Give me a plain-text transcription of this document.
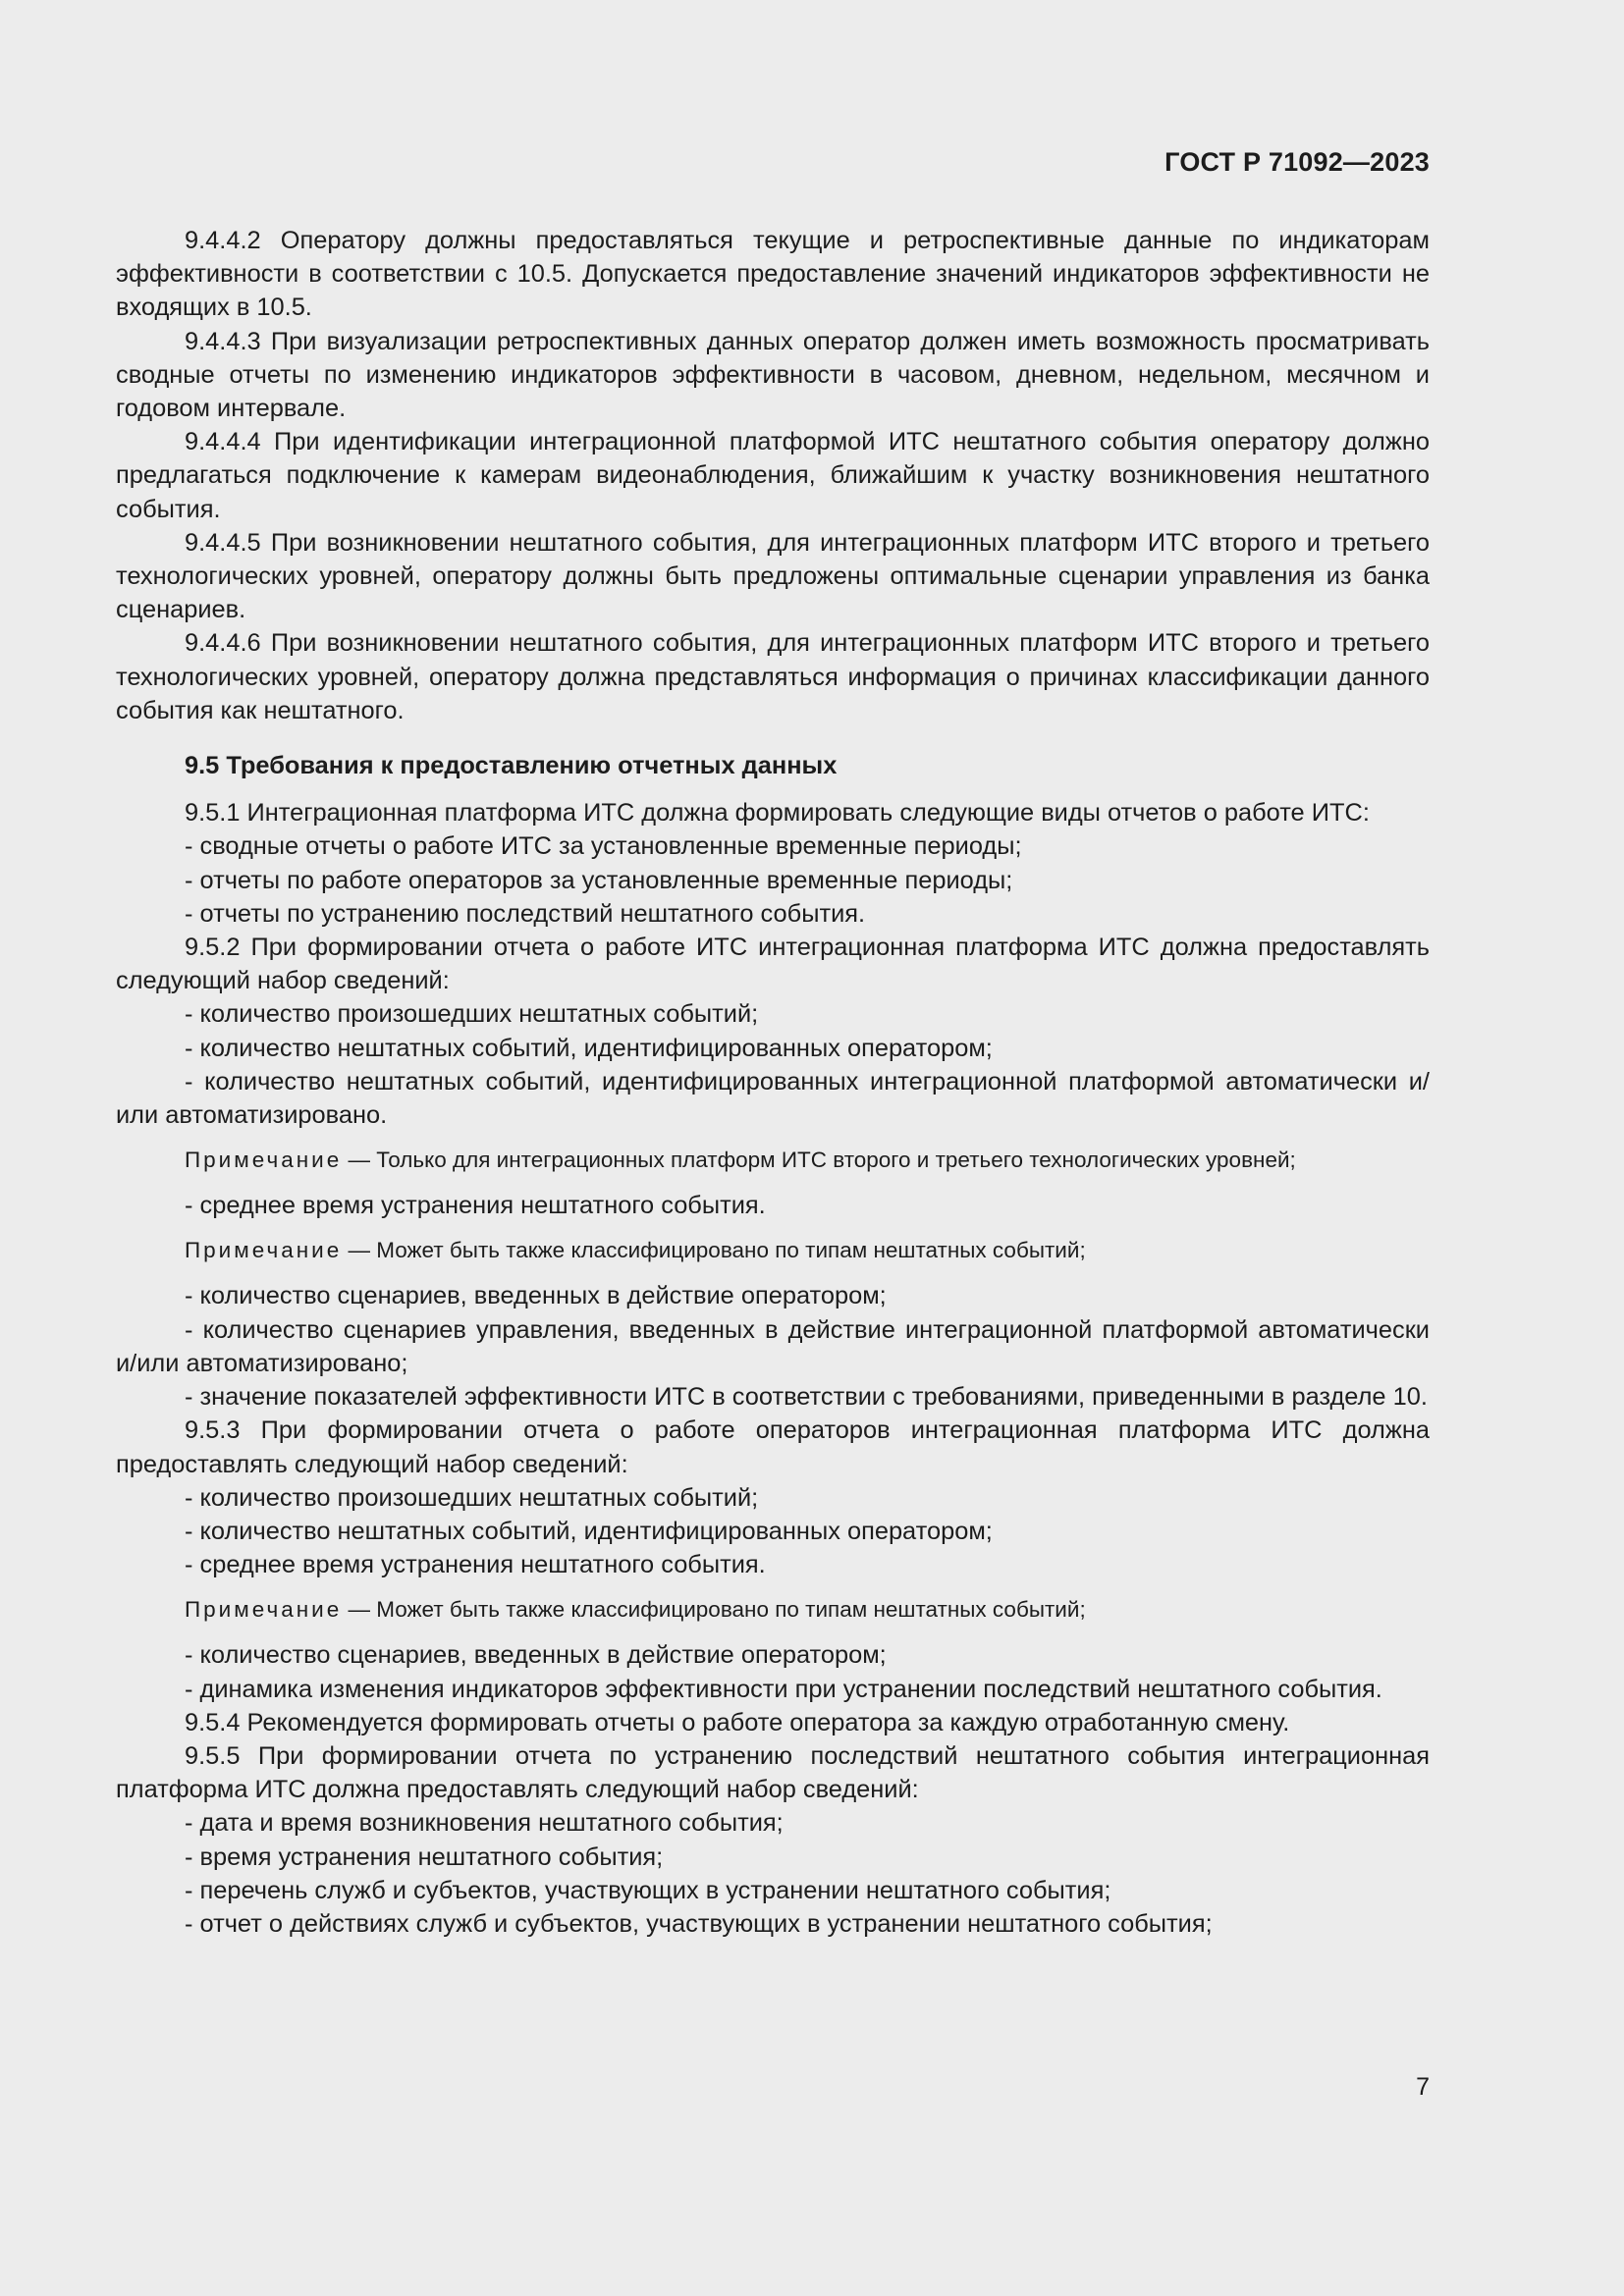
ГОСТ Р 71092—2023

9.4.4.2 Оператору должны предоставляться текущие и ретроспективные данные по индикаторам эффективности в соответствии с 10.5. Допускается предоставление значений индикаторов эффективности не входящих в 10.5.

9.4.4.3 При визуализации ретроспективных данных оператор должен иметь возможность просматривать сводные отчеты по изменению индикаторов эффективности в часовом, дневном, недельном, месячном и годовом интервале.

9.4.4.4 При идентификации интеграционной платформой ИТС нештатного события оператору должно предлагаться подключение к камерам видеонаблюдения, ближайшим к участку возникновения нештатного события.

9.4.4.5 При возникновении нештатного события, для интеграционных платформ ИТС второго и третьего технологических уровней, оператору должны быть предложены оптимальные сценарии управления из банка сценариев.

9.4.4.6 При возникновении нештатного события, для интеграционных платформ ИТС второго и третьего технологических уровней, оператору должна представляться информация о причинах классификации данного события как нештатного.

9.5 Требования к предоставлению отчетных данных

9.5.1 Интеграционная платформа ИТС должна формировать следующие виды отчетов о работе ИТС:

- сводные отчеты о работе ИТС за установленные временные периоды;

- отчеты по работе операторов за установленные временные периоды;

- отчеты по устранению последствий нештатного события.

9.5.2 При формировании отчета о работе ИТС интеграционная платформа ИТС должна предоставлять следующий набор сведений:

- количество произошедших нештатных событий;

- количество нештатных событий, идентифицированных оператором;

- количество нештатных событий, идентифицированных интеграционной платформой автоматически и/или автоматизировано.

Примечание — Только для интеграционных платформ ИТС второго и третьего технологических уровней;

- среднее время устранения нештатного события.

Примечание — Может быть также классифицировано по типам нештатных событий;

- количество сценариев, введенных в действие оператором;

- количество сценариев управления, введенных в действие интеграционной платформой автоматически и/или автоматизировано;

- значение показателей эффективности ИТС в соответствии с требованиями, приведенными в разделе 10.

9.5.3 При формировании отчета о работе операторов интеграционная платформа ИТС должна предоставлять следующий набор сведений:

- количество произошедших нештатных событий;

- количество нештатных событий, идентифицированных оператором;

- среднее время устранения нештатного события.

Примечание — Может быть также классифицировано по типам нештатных событий;

- количество сценариев, введенных в действие оператором;

- динамика изменения индикаторов эффективности при устранении последствий нештатного события.

9.5.4 Рекомендуется формировать отчеты о работе оператора за каждую отработанную смену.

9.5.5 При формировании отчета по устранению последствий нештатного события интеграционная платформа ИТС должна предоставлять следующий набор сведений:

- дата и время возникновения нештатного события;

- время устранения нештатного события;

- перечень служб и субъектов, участвующих в устранении нештатного события;

- отчет о действиях служб и субъектов, участвующих в устранении нештатного события;

7
